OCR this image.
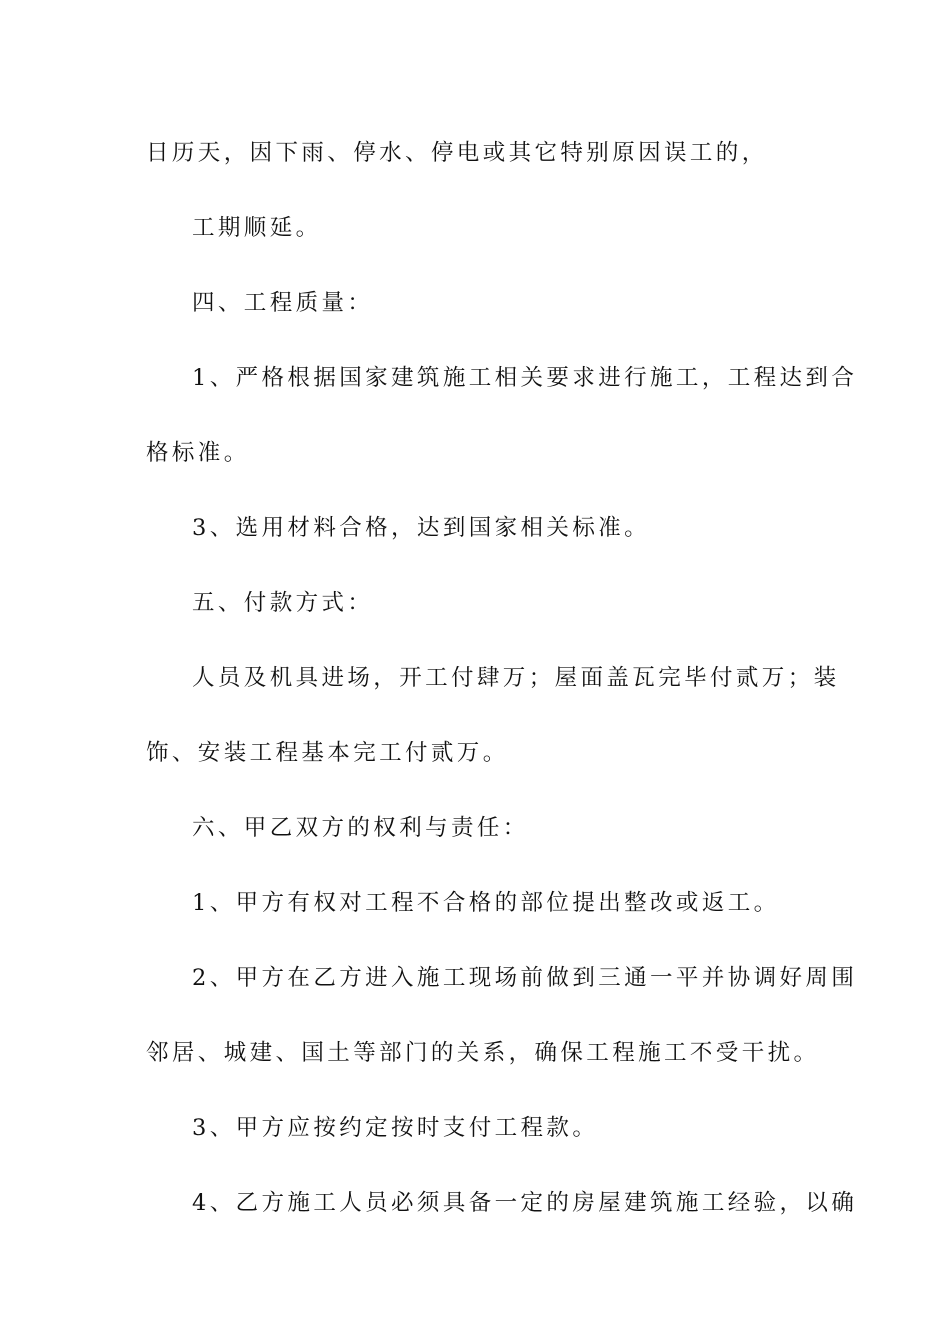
日历天，因下雨、停水、停电或其它特别原因误工的，
工期顺延。
四、工程质量：
1、严格根据国家建筑施工相关要求进行施工，工程达到合
格标准。
3、选用材料合格，达到国家相关标准。
五、付款方式：
人员及机具进场，开工付肆万；屋面盖瓦完毕付贰万；装
饰、安装工程基本完工付贰万。
六、甲乙双方的权利与责任：
1、甲方有权对工程不合格的部位提出整改或返工。
2、甲方在乙方进入施工现场前做到三通一平并协调好周围
邻居、城建、国土等部门的关系，确保工程施工不受干扰。
3、甲方应按约定按时支付工程款。
4、乙方施工人员必须具备一定的房屋建筑施工经验，以确
